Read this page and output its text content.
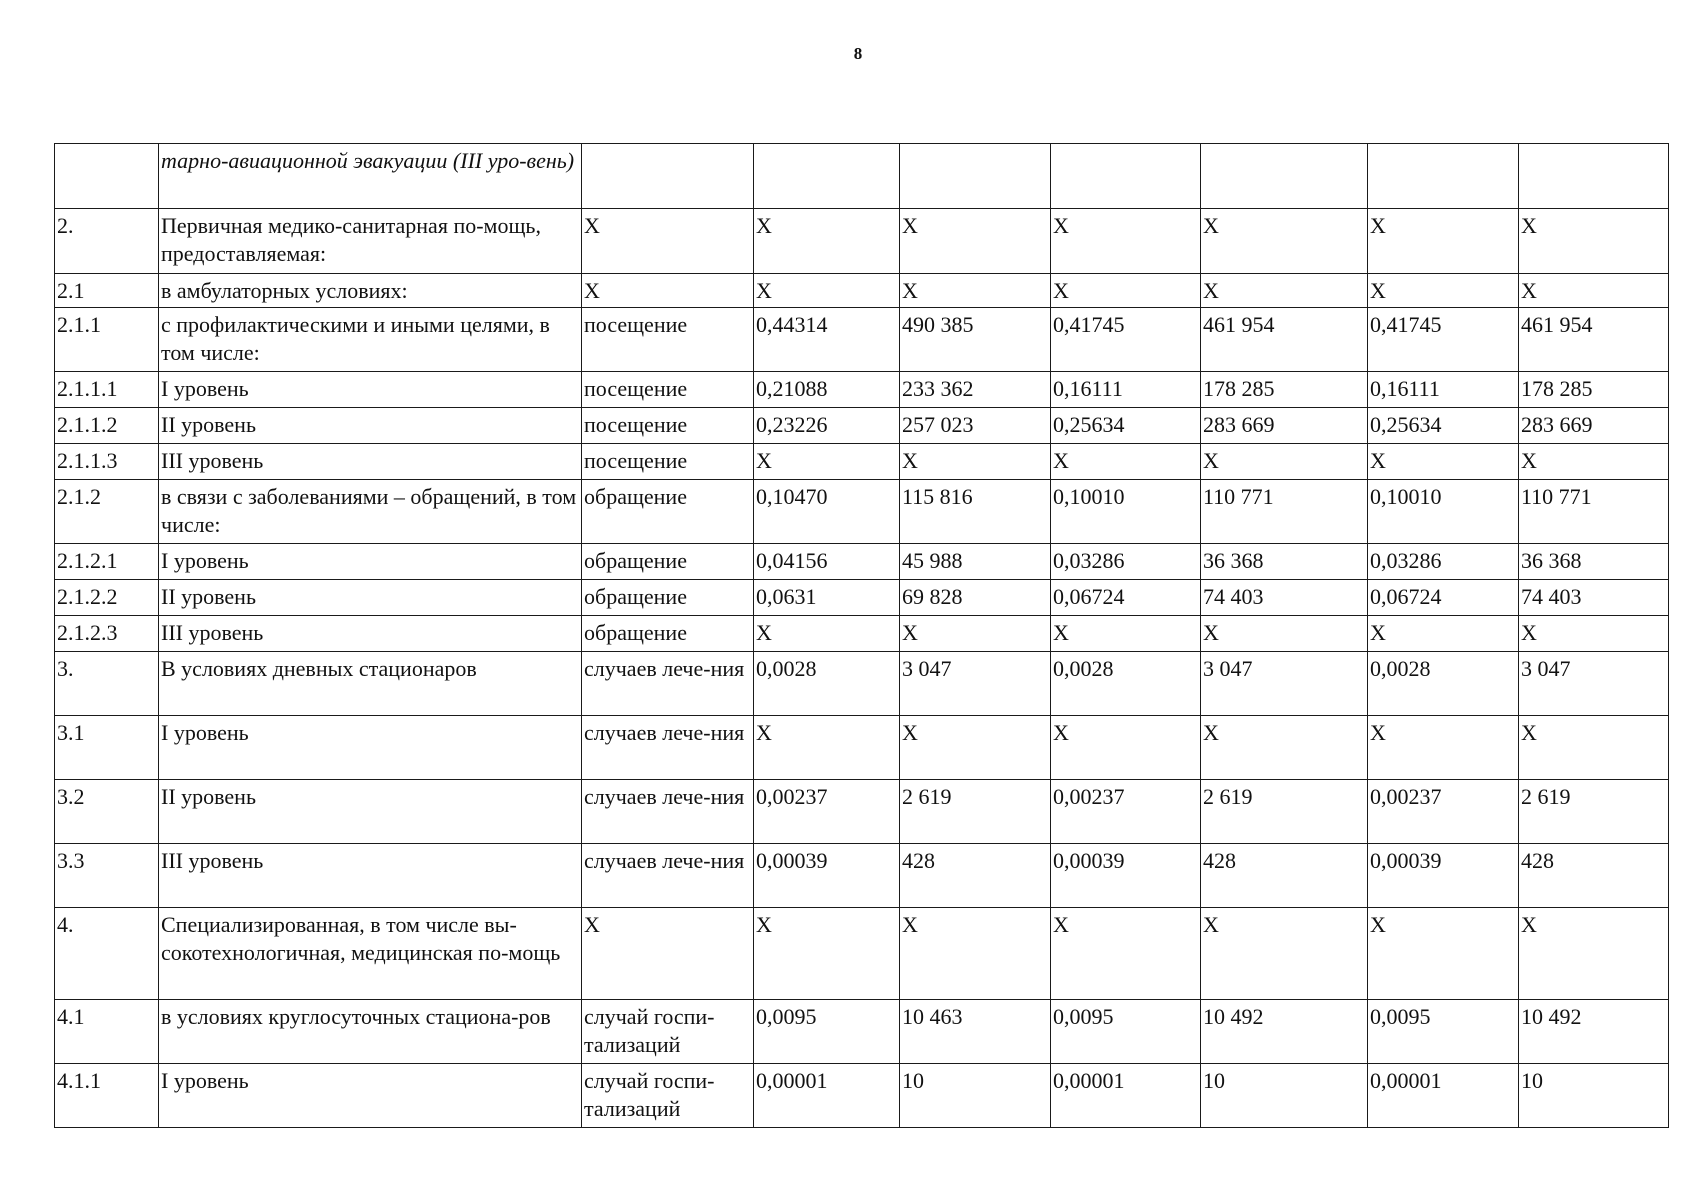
8
	тарно-авиационной эвакуации (III уро-вень)							
2.	Первичная медико-санитарная по-мощь, предоставляемая:	X	X	X	X	X	X	X
2.1	в амбулаторных условиях:	X	X	X	X	X	X	X
2.1.1	с профилактическими и иными целями, в том числе:	посещение	0,44314	490 385	0,41745	461 954	0,41745	461 954
2.1.1.1	I уровень	посещение	0,21088	233 362	0,16111	178 285	0,16111	178 285
2.1.1.2	II уровень	посещение	0,23226	257 023	0,25634	283 669	0,25634	283 669
2.1.1.3	III уровень	посещение	X	X	X	X	X	X
2.1.2	в связи с заболеваниями – обращений, в том числе:	обращение	0,10470	115 816	0,10010	110 771	0,10010	110 771
2.1.2.1	I уровень	обращение	0,04156	45 988	0,03286	36 368	0,03286	36 368
2.1.2.2	II уровень	обращение	0,0631	69 828	0,06724	74 403	0,06724	74 403
2.1.2.3	III уровень	обращение	X	X	X	X	X	X
3.	В условиях дневных стационаров	случаев лече-ния	0,0028	3 047	0,0028	3 047	0,0028	3 047
3.1	I уровень	случаев лече-ния	X	X	X	X	X	X
3.2	II уровень	случаев лече-ния	0,00237	2 619	0,00237	2 619	0,00237	2 619
3.3	III уровень	случаев лече-ния	0,00039	428	0,00039	428	0,00039	428
4.	Специализированная, в том числе вы-сокотехнологичная, медицинская по-мощь	X	X	X	X	X	X	X
4.1	в условиях круглосуточных стациона-ров	случай госпи-тализаций	0,0095	10 463	0,0095	10 492	0,0095	10 492
4.1.1	I уровень	случай госпи-тализаций	0,00001	10	0,00001	10	0,00001	10
